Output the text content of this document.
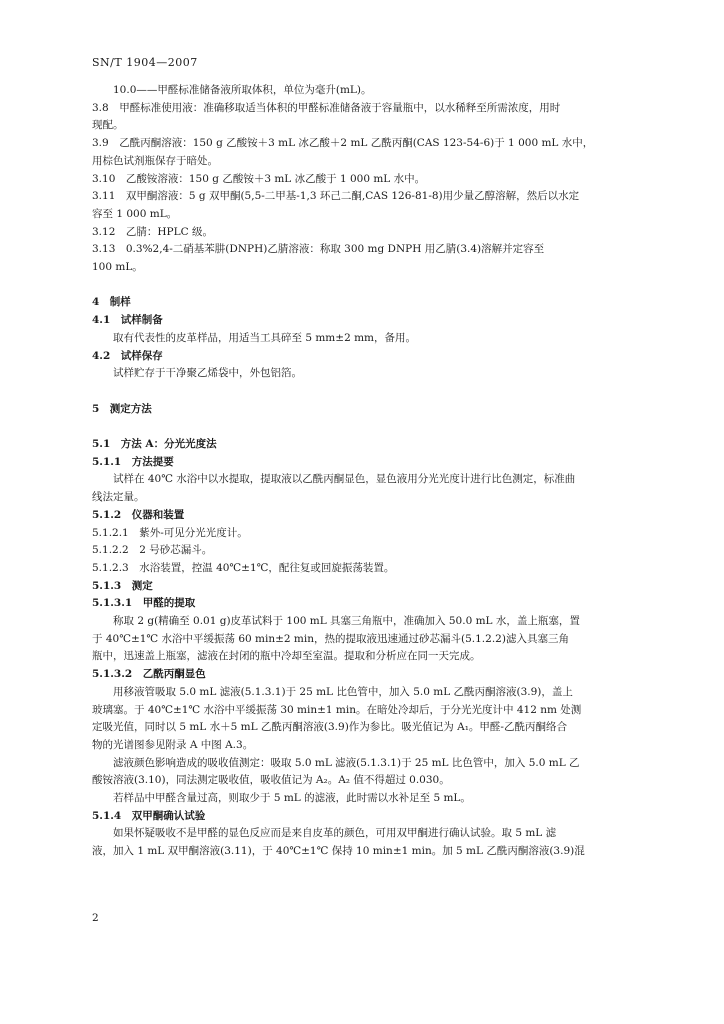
SN/T 1904—2007

10.0——甲醛标准储备液所取体积，单位为毫升(mL)。

3.8　甲醛标准使用液：准确移取适当体积的甲醛标准储备液于容量瓶中，以水稀释至所需浓度，用时

现配。

3.9　乙酰丙酮溶液：150 g 乙酸铵＋3 mL 冰乙酸＋2 mL 乙酰丙酮(CAS 123-54-6)于 1 000 mL 水中，

用棕色试剂瓶保存于暗处。

3.10　乙酸铵溶液：150 g 乙酸铵＋3 mL 冰乙酸于 1 000 mL 水中。

3.11　双甲酮溶液：5 g 双甲酮(5,5-二甲基-1,3 环己二酮,CAS 126-81-8)用少量乙醇溶解，然后以水定

容至 1 000 mL。

3.12　乙腈：HPLC 级。

3.13　0.3%2,4-二硝基苯肼(DNPH)乙腈溶液：称取 300 mg DNPH 用乙腈(3.4)溶解并定容至

100 mL。

4　制样

4.1　试样制备

取有代表性的皮革样品，用适当工具碎至 5 mm±2 mm，备用。

4.2　试样保存

试样贮存于干净聚乙烯袋中，外包铝箔。

5　测定方法

5.1　方法 A：分光光度法

5.1.1　方法提要

试样在 40℃ 水浴中以水提取，提取液以乙酰丙酮显色，显色液用分光光度计进行比色测定，标准曲

线法定量。

5.1.2　仪器和装置

5.1.2.1　紫外-可见分光光度计。

5.1.2.2　2 号砂芯漏斗。

5.1.2.3　水浴装置，控温 40℃±1℃，配往复或回旋振荡装置。

5.1.3　测定

5.1.3.1　甲醛的提取

称取 2 g(精确至 0.01 g)皮革试料于 100 mL 具塞三角瓶中，准确加入 50.0 mL 水，盖上瓶塞，置

于 40℃±1℃ 水浴中平缓振荡 60 min±2 min，热的提取液迅速通过砂芯漏斗(5.1.2.2)滤入具塞三角

瓶中，迅速盖上瓶塞，滤液在封闭的瓶中冷却至室温。提取和分析应在同一天完成。

5.1.3.2　乙酰丙酮显色

用移液管吸取 5.0 mL 滤液(5.1.3.1)于 25 mL 比色管中，加入 5.0 mL 乙酰丙酮溶液(3.9)，盖上

玻璃塞。于 40℃±1℃ 水浴中平缓振荡 30 min±1 min。在暗处冷却后，于分光光度计中 412 nm 处测

定吸光值，同时以 5 mL 水＋5 mL 乙酰丙酮溶液(3.9)作为参比。吸光值记为 A₁。甲醛-乙酰丙酮络合

物的光谱图参见附录 A 中图 A.3。

滤液颜色影响造成的吸收值测定：吸取 5.0 mL 滤液(5.1.3.1)于 25 mL 比色管中，加入 5.0 mL 乙

酸铵溶液(3.10)，同法测定吸收值，吸收值记为 A₂。A₂ 值不得超过 0.030。

若样品中甲醛含量过高，则取少于 5 mL 的滤液，此时需以水补足至 5 mL。

5.1.4　双甲酮确认试验

如果怀疑吸收不是甲醛的显色反应而是来自皮革的颜色，可用双甲酮进行确认试验。取 5 mL 滤

液，加入 1 mL 双甲酮溶液(3.11)，于 40℃±1℃ 保持 10 min±1 min。加 5 mL 乙酰丙酮溶液(3.9)混

2
